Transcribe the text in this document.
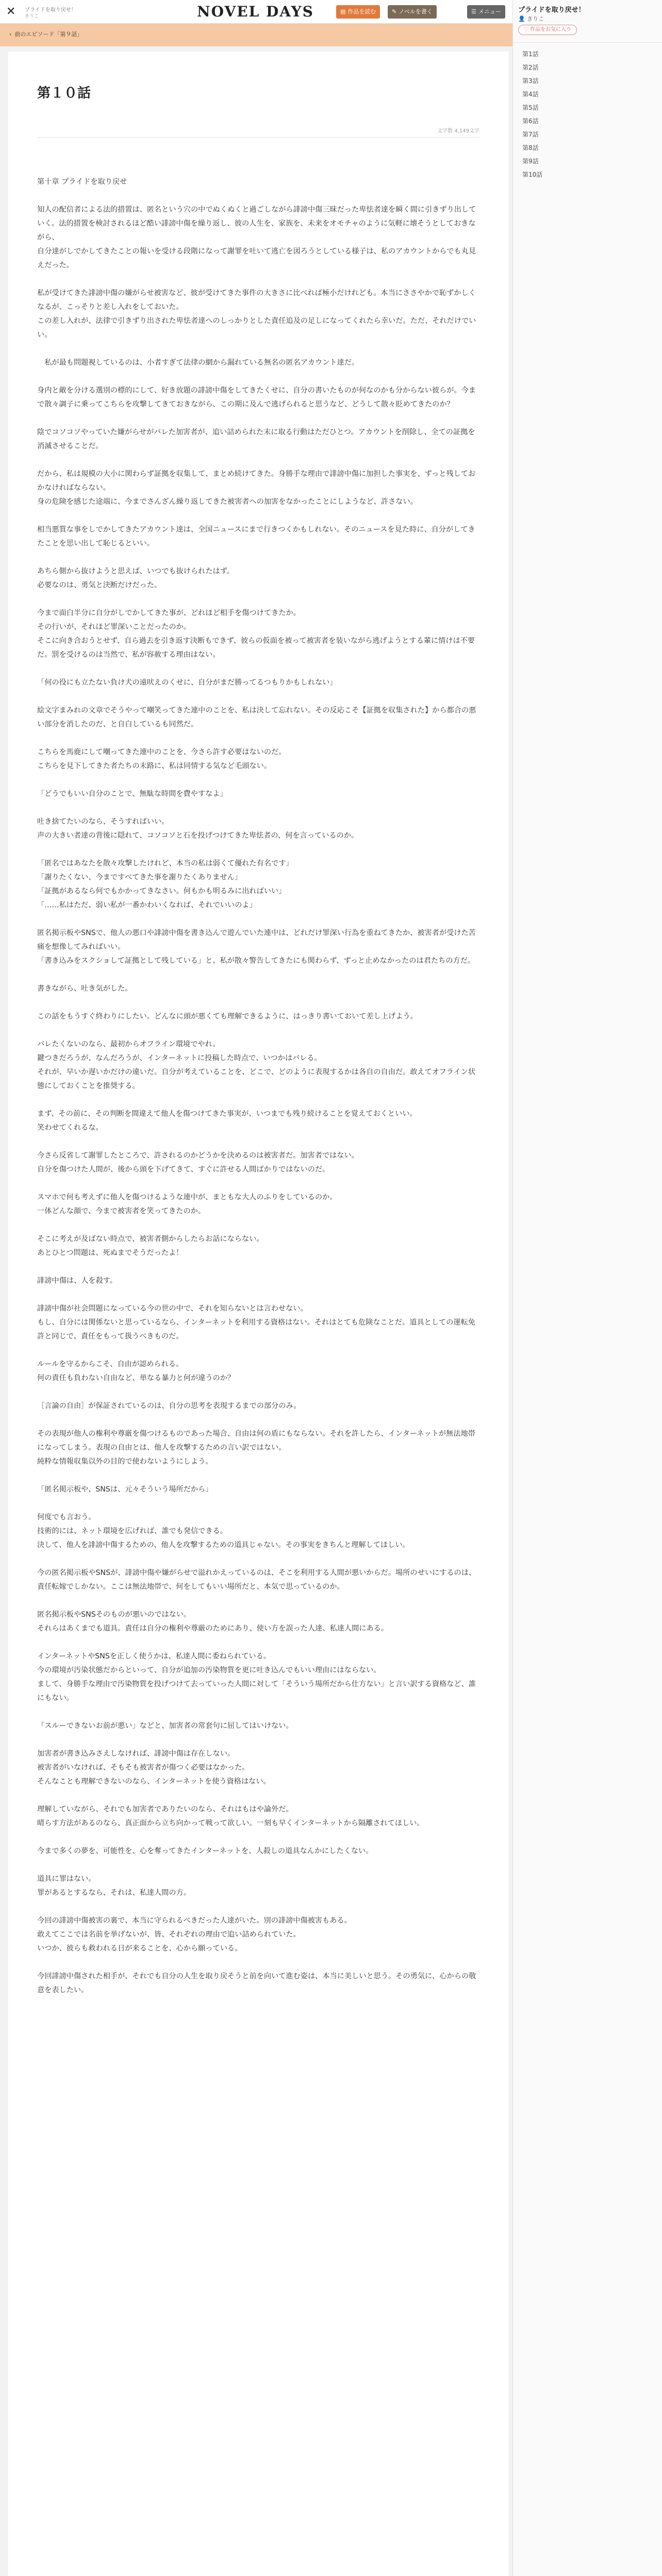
✕	プライドを取り戻せ！
きりこ	NOVEL DAYS	▤ 作品を読む	✎ ノベルを書く	☰ メニュー
‹ 前のエピソード「第９話」
第１０話
文字数 4,149文字

第十章 プライドを取り戻せ

知人の配信者による法的措置は、匿名という穴の中でぬくぬくと過ごしながら誹謗中傷三昧だった卑怯者達を瞬く間に引きずり出していく。法的措置を検討されるほど酷い誹謗中傷を繰り返し、彼の人生を、家族を、未来をオモチャのように気軽に壊そうとしておきながら、
自分達がしでかしてきたことの報いを受ける段階になって謝罪を吐いて逃亡を図ろうとしている様子は、私のアカウントからでも丸見えだった。

私が受けてきた誹謗中傷の嫌がらせ被害など、彼が受けてきた事件の大きさに比べれば極小だけれども。本当にささやかで恥ずかしくなるが、こっそりと差し入れをしておいた。
この差し入れが、法律で引きずり出された卑怯者達へのしっかりとした責任追及の足しになってくれたら幸いだ。ただ、それだけでいい。

　私が最も問題視しているのは、小者すぎて法律の網から漏れている無名の匿名アカウント達だ。

身内と敵を分ける選別の標的にして、好き放題の誹謗中傷をしてきたくせに、自分の書いたものが何なのかも分からない彼らが。今まで散々調子に乗ってこちらを攻撃してきておきながら、この期に及んで逃げられると思うなど、どうして散々貶めてきたのか？

陰でコソコソやっていた嫌がらせがバレた加害者が、追い詰められた末に取る行動はただひとつ。アカウントを削除し、全ての証拠を消滅させることだ。

だから、私は規模の大小に関わらず証拠を収集して、まとめ続けてきた。身勝手な理由で誹謗中傷に加担した事実を、ずっと残しておかなければならない。
身の危険を感じた途端に、今までさんざん繰り返してきた被害者への加害をなかったことにしようなど、許さない。

相当悪質な事をしでかしてきたアカウント達は、全国ニュースにまで行きつくかもしれない。そのニュースを見た時に、自分がしてきたことを思い出して恥じるといい。

あちら側から抜けようと思えば、いつでも抜けられたはず。
必要なのは、勇気と決断だけだった。

今まで面白半分に自分がしでかしてきた事が、どれほど相手を傷つけてきたか。
その行いが、それほど罪深いことだったのか。
そこに向き合おうとせず、自ら過去を引き返す決断もできず、彼らの仮面を被って被害者を装いながら逃げようとする輩に情けは不要だ。罰を受けるのは当然で、私が容赦する理由はない。

「何の役にも立たない負け犬の遠吠えのくせに、自分がまだ勝ってるつもりかもしれない」

絵文字まみれの文章でそうやって嘲笑ってきた連中のことを、私は決して忘れない。その反応こそ【証拠を収集された】から都合の悪い部分を消したのだ、と自白しているも同然だ。

こちらを馬鹿にして嘲ってきた連中のことを、今さら許す必要はないのだ。
こちらを見下してきた者たちの末路に、私は同情する気など毛頭ない。

「どうでもいい自分のことで、無駄な時間を費やすなよ」

吐き捨てたいのなら、そうすればいい。
声の大きい者達の背後に隠れて、コソコソと石を投げつけてきた卑怯者の、何を言っているのか。

「匿名ではあなたを散々攻撃したけれど、本当の私は弱くて優れた有名です」
「謝りたくない、今まですべてきた事を謝りたくありません」
「証拠があるなら何でもかかってきなさい。何もかも明るみに出ればいい」
「……私はただ、弱い私が一番かわいくなれば、それでいいのよ」

匿名掲示板やSNSで、他人の悪口や誹謗中傷を書き込んで遊んでいた連中は、どれだけ罪深い行為を重ねてきたか、被害者が受けた苦痛を想像してみればいい。
「書き込みをスクショして証拠として残している」と、私が散々警告してきたにも関わらず、ずっと止めなかったのは君たちの方だ。

書きながら、吐き気がした。

この話をもうすぐ終わりにしたい。どんなに頭が悪くても理解できるように、はっきり書いておいて差し上げよう。

バレたくないのなら、最初からオフライン環境でやれ。
鍵つきだろうが、なんだろうが、インターネットに投稿した時点で、いつかはバレる。
それが、早いか遅いかだけの違いだ。自分が考えていることを、どこで、どのように表現するかは各自の自由だ。敢えてオフライン状態にしておくことを推奨する。

まず、その前に、その判断を間違えて他人を傷つけてきた事実が、いつまでも残り続けることを覚えておくといい。
笑わせてくれるな。

今さら反省して謝罪したところで、許されるのかどうかを決めるのは被害者だ。加害者ではない。
自分を傷つけた人間が、後から頭を下げてきて、すぐに許せる人間ばかりではないのだ。

スマホで何も考えずに他人を傷つけるような連中が、まともな大人のふりをしているのか。
一体どんな顔で、今まで被害者を笑ってきたのか。

そこに考えが及ばない時点で、被害者側からしたらお話にならない。
あとひとつ問題は、死ぬまでそうだったよ！

誹謗中傷は、人を殺す。

誹謗中傷が社会問題になっている今の世の中で、それを知らないとは言わせない。
もし、自分には関係ないと思っているなら、インターネットを利用する資格はない。それはとても危険なことだ。道具としての運転免許と同じで、責任をもって扱うべきものだ。

ルールを守るからこそ、自由が認められる。
何の責任も負わない自由など、単なる暴力と何が違うのか？

［言論の自由］が保証されているのは、自分の思考を表現するまでの部分のみ。

その表現が他人の権利や尊厳を傷つけるものであった場合、自由は何の盾にもならない。それを許したら、インターネットが無法地帯になってしまう。表現の自由とは、他人を攻撃するための言い訳ではない。
純粋な情報収集以外の目的で使わないようにしよう。

「匿名掲示板や、SNSは、元々そういう場所だから」

何度でも言おう。
技術的には、ネット環境を広げれば、誰でも発信できる。
決して、他人を誹謗中傷するための、他人を攻撃するための道具じゃない。その事実をきちんと理解してほしい。

今の匿名掲示板やSNSが、誹謗中傷や嫌がらせで溢れかえっているのは、そこを利用する人間が悪いからだ。場所のせいにするのは、責任転嫁でしかない。ここは無法地帯で、何をしてもいい場所だと、本気で思っているのか。

匿名掲示板やSNSそのものが悪いのではない。
それらはあくまでも道具。責任は自分の権利や尊厳のためにあり、使い方を誤った人達、私達人間にある。

インターネットやSNSを正しく使うかは、私達人間に委ねられている。
今の環境が汚染状態だからといって、自分が追加の汚染物質を更に吐き込んでもいい理由にはならない。
まして、身勝手な理由で汚染物質を投げつけて去っていった人間に対して「そういう場所だから仕方ない」と言い訳する資格など、誰にもない。

「スルーできないお前が悪い」などと、加害者の常套句に屈してはいけない。

加害者が書き込みさえしなければ、誹謗中傷は存在しない。
被害者がいなければ、そもそも被害者が傷つく必要はなかった。
そんなことも理解できないのなら、インターネットを使う資格はない。

理解していながら、それでも加害者でありたいのなら、それはもはや論外だ。
晴らす方法があるのなら、真正面から立ち向かって戦って欲しい。一刻も早くインターネットから隔離されてほしい。

今まで多くの夢を、可能性を、心を奪ってきたインターネットを、人殺しの道具なんかにしたくない。

道具に罪はない。
罪があるとするなら、それは、私達人間の方。

今回の誹謗中傷被害の裏で、本当に守られるべきだった人達がいた。別の誹謗中傷被害もある。
敢えてここでは名前を挙げないが、皆、それぞれの理由で追い詰められていた。
いつか、彼らも救われる日が来ることを、心から願っている。

今回誹謗中傷された相手が、それでも自分の人生を取り戻そうと前を向いて進む姿は、本当に美しいと思う。その勇気に、心からの敬意を表したい。

プライドを取り戻せ！
👤 きりこ
♡ 作品をお気に入り
第1話
第2話
第3話
第4話
第5話
第6話
第7話
第8話
第9話
第10話
